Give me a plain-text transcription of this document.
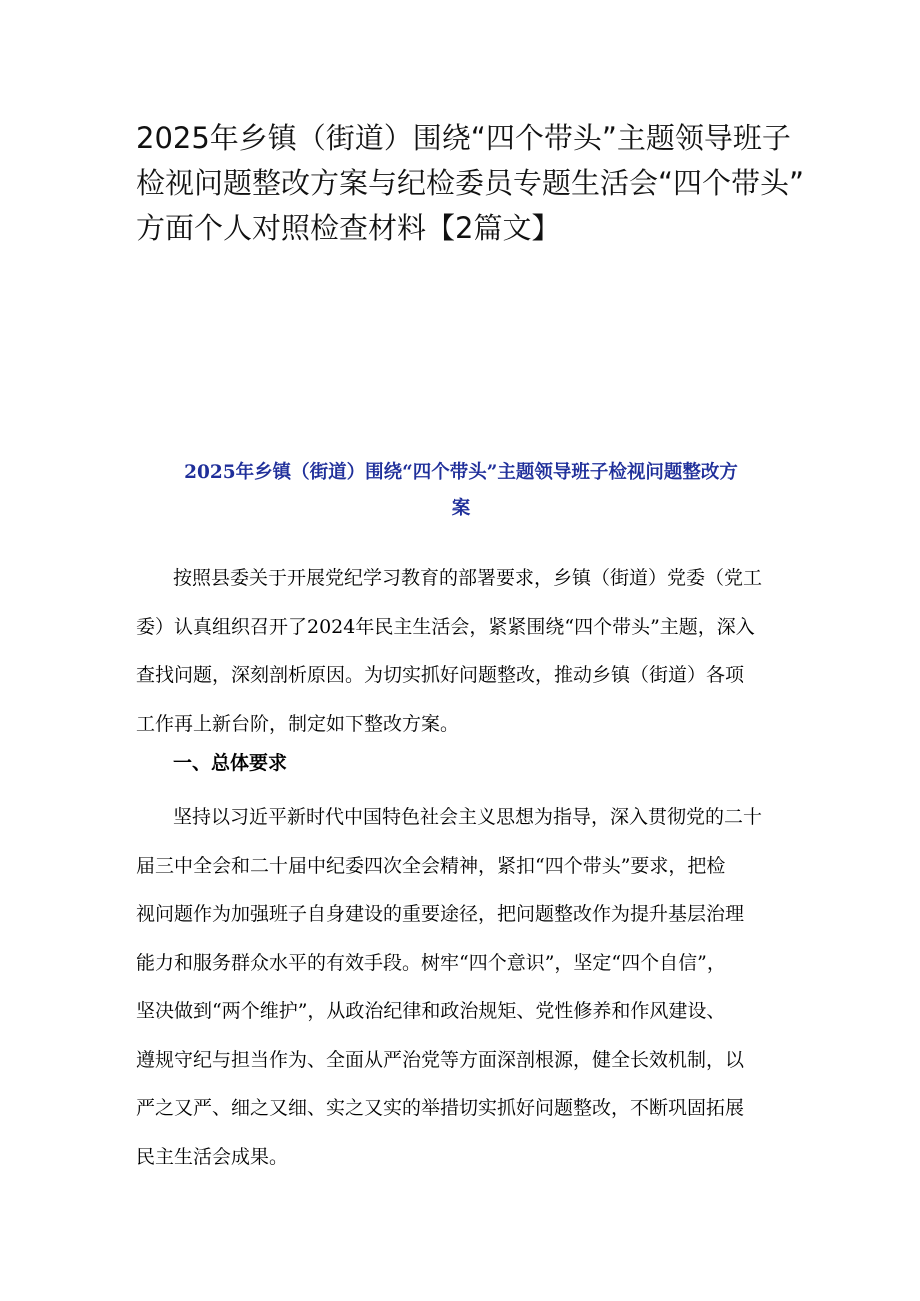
2025年乡镇（街道）围绕“四个带头”主题领导班子
检视问题整改方案与纪检委员专题生活会“四个带头”
方面个人对照检查材料【2篇文】
2025年乡镇（街道）围绕“四个带头”主题领导班子检视问题整改方
案
按照县委关于开展党纪学习教育的部署要求，乡镇（街道）党委（党工
委）认真组织召开了2024年民主生活会，紧紧围绕“四个带头”主题，深入
查找问题，深刻剖析原因。为切实抓好问题整改，推动乡镇（街道）各项
工作再上新台阶，制定如下整改方案。
一、总体要求
坚持以习近平新时代中国特色社会主义思想为指导，深入贯彻党的二十
届三中全会和二十届中纪委四次全会精神，紧扣“四个带头”要求，把检
视问题作为加强班子自身建设的重要途径，把问题整改作为提升基层治理
能力和服务群众水平的有效手段。树牢“四个意识”，坚定“四个自信”，
坚决做到“两个维护”，从政治纪律和政治规矩、党性修养和作风建设、
遵规守纪与担当作为、全面从严治党等方面深剖根源，健全长效机制，以
严之又严、细之又细、实之又实的举措切实抓好问题整改，不断巩固拓展
民主生活会成果。
